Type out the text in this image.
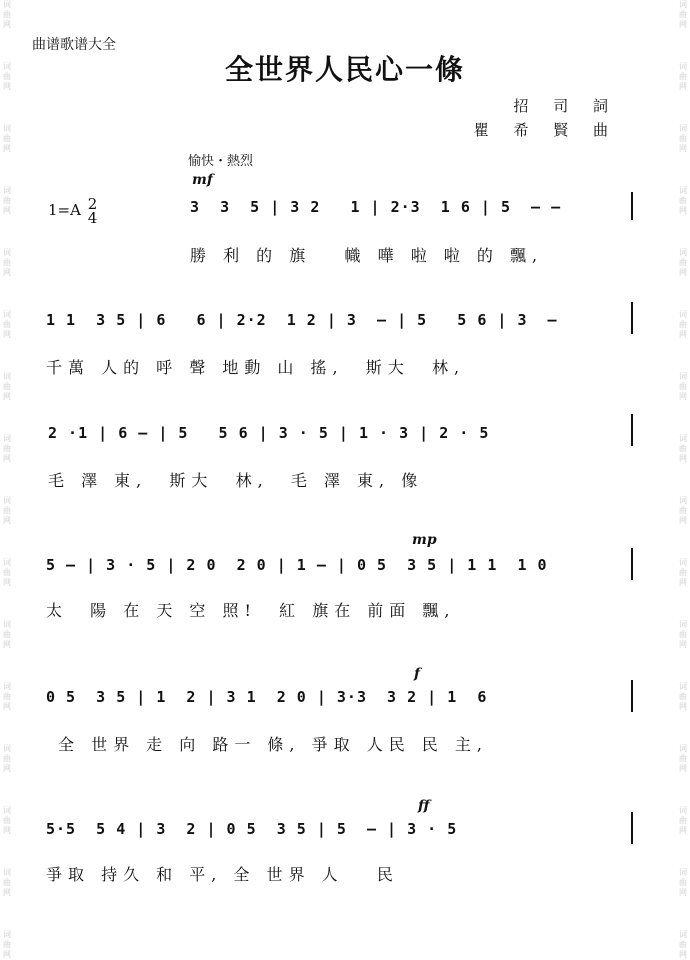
词
曲
网
词
曲
网
词
曲
网
词
曲
网
词
曲
网
词
曲
网
词
曲
网
词
曲
网
词
曲
网
词
曲
网
词
曲
网
词
曲
网
词
曲
网
词
曲
网
词
曲
网
词
曲
网
词
曲
网
词
曲
网
词
曲
网
词
曲
网
词
曲
网
词
曲
网
词
曲
网
词
曲
网
词
曲
网
词
曲
网
词
曲
网
词
曲
网
词
曲
网
词
曲
网
词
曲
网
词
曲
网
曲谱歌谱大全
全世界人民心一條
招 司 詞
瞿 希 賢 曲
愉快・熱烈
1=A 2
4
mf
mp
f
ff
3  3  5 | 3 2   1 | 2·3  1 6 | 5  — —
勝 利 的 旗   幟 嘩 啦 啦 的 飄,
1 1  3 5 | 6   6 | 2·2  1 2 | 3  — | 5   5 6 | 3  —
千萬 人的 呼 聲 地動 山 搖,  斯大  林,
2 ·1 | 6 — | 5   5 6 | 3 · 5 | 1 · 3 | 2 · 5
毛 澤 東,  斯大  林,  毛 澤 東, 像
5 — | 3 · 5 | 2 0  2 0 | 1 — | 0 5  3 5 | 1 1  1 0
太  陽 在 天 空 照!  紅 旗在 前面 飄,
0 5  3 5 | 1  2 | 3 1  2 0 | 3·3  3 2 | 1  6
全 世界 走 向 路一 條, 爭取 人民 民 主,
5·5  5 4 | 3  2 | 0 5  3 5 | 5  — | 3 · 5
爭取 持久 和 平, 全 世界 人   民
